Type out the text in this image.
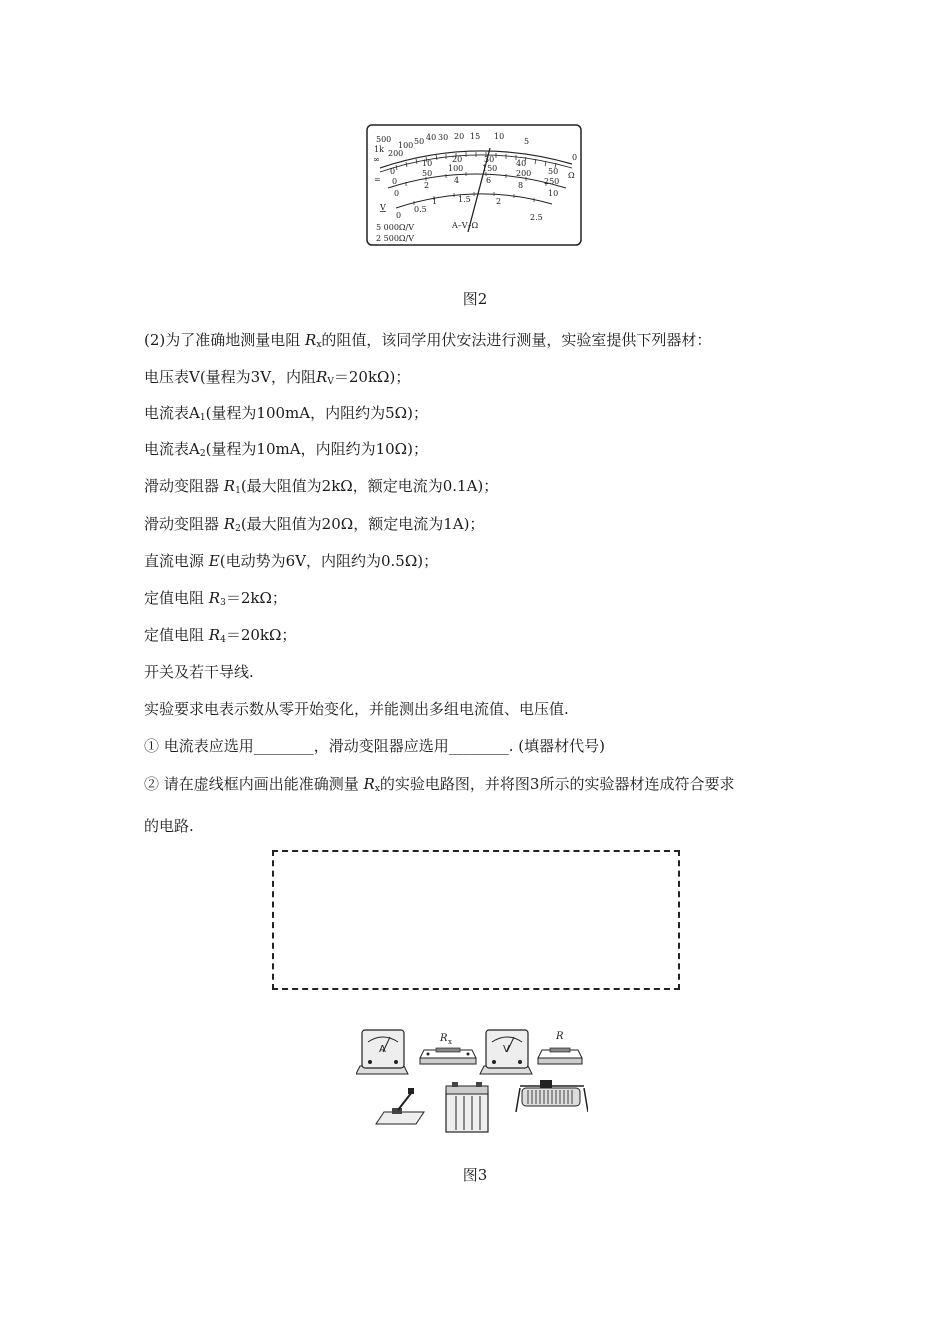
500
1k 200
100 50 40 30 20 15 10
5
0
∞
Ω
=
0
10 20	30	40
50
0
50
100 150
200
250
0
2
4	6
8
10
V
0
0.5
1	1.5	2
2.5
A–V–Ω
5 000Ω/V
2 500Ω/V
图2
(2)为了准确地测量电阻 $R_x$的阻值，该同学用伏安法进行测量，实验室提供下列器材：
电压表V(量程为3V，内阻$R_V=20k\Omega$)；
电流表$A_1$(量程为100mA，内阻约为5Ω)；
电流表$A_2$(量程为10mA，内阻约为10Ω)；
滑动变阻器 $R_1$(最大阻值为2kΩ，额定电流为0.1A)；
滑动变阻器 $R_2$(最大阻值为20Ω，额定电流为1A)；
直流电源 E(电动势为6V，内阻约为0.5Ω)；
定值电阻 $R_3=2k\Omega$；
定值电阻 $R_4=20k\Omega$；
开关及若干导线.
实验要求电表示数从零开始变化，并能测出多组电流值、电压值.
① 电流表应选用________，滑动变阻器应选用________. (填器材代号)
② 请在虚线框内画出能准确测量 $R_x$的实验电路图，并将图3所示的实验器材连成符合要求
的电路.
A
R x
V
R
图3
